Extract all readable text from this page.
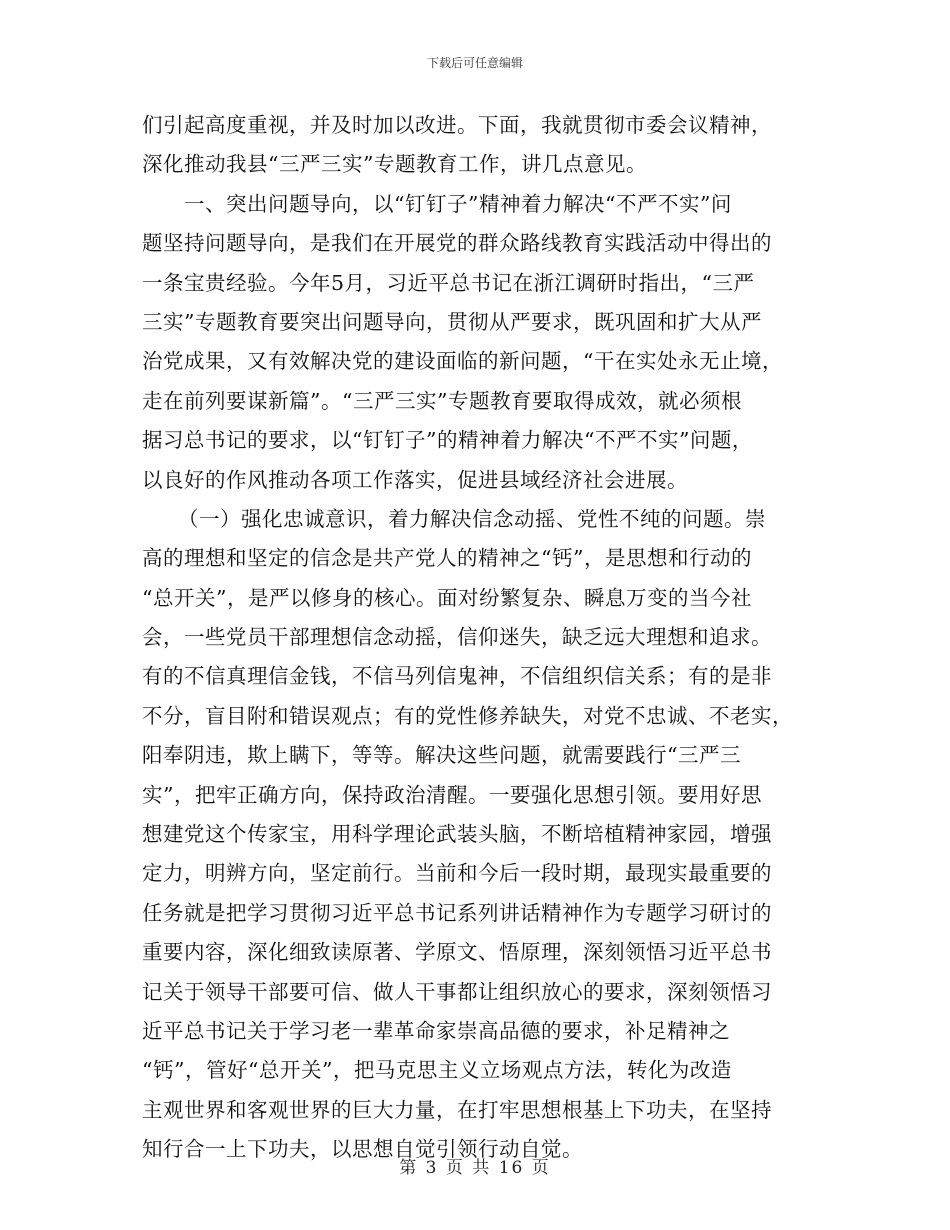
下载后可任意编辑
们引起高度重视，并及时加以改进。下面，我就贯彻市委会议精神，
深化推动我县“三严三实”专题教育工作，讲几点意见。
一、突出问题导向，以“钉钉子”精神着力解决“不严不实”问
题坚持问题导向，是我们在开展党的群众路线教育实践活动中得出的
一条宝贵经验。今年5月，习近平总书记在浙江调研时指出，“三严
三实”专题教育要突出问题导向，贯彻从严要求，既巩固和扩大从严
治党成果，又有效解决党的建设面临的新问题，“干在实处永无止境，
走在前列要谋新篇”。“三严三实”专题教育要取得成效，就必须根
据习总书记的要求，以“钉钉子”的精神着力解决“不严不实”问题，
以良好的作风推动各项工作落实，促进县域经济社会进展。
（一）强化忠诚意识，着力解决信念动摇、党性不纯的问题。崇
高的理想和坚定的信念是共产党人的精神之“钙”，是思想和行动的
“总开关”，是严以修身的核心。面对纷繁复杂、瞬息万变的当今社
会，一些党员干部理想信念动摇，信仰迷失，缺乏远大理想和追求。
有的不信真理信金钱，不信马列信鬼神，不信组织信关系；有的是非
不分，盲目附和错误观点；有的党性修养缺失，对党不忠诚、不老实，
阳奉阴违，欺上瞒下，等等。解决这些问题，就需要践行“三严三
实”，把牢正确方向，保持政治清醒。一要强化思想引领。要用好思
想建党这个传家宝，用科学理论武装头脑，不断培植精神家园，增强
定力，明辨方向，坚定前行。当前和今后一段时期，最现实最重要的
任务就是把学习贯彻习近平总书记系列讲话精神作为专题学习研讨的
重要内容，深化细致读原著、学原文、悟原理，深刻领悟习近平总书
记关于领导干部要可信、做人干事都让组织放心的要求，深刻领悟习
近平总书记关于学习老一辈革命家崇高品德的要求，补足精神之
“钙”，管好“总开关”，把马克思主义立场观点方法，转化为改造
主观世界和客观世界的巨大力量，在打牢思想根基上下功夫，在坚持
知行合一上下功夫，以思想自觉引领行动自觉。
第 3 页 共 16 页
